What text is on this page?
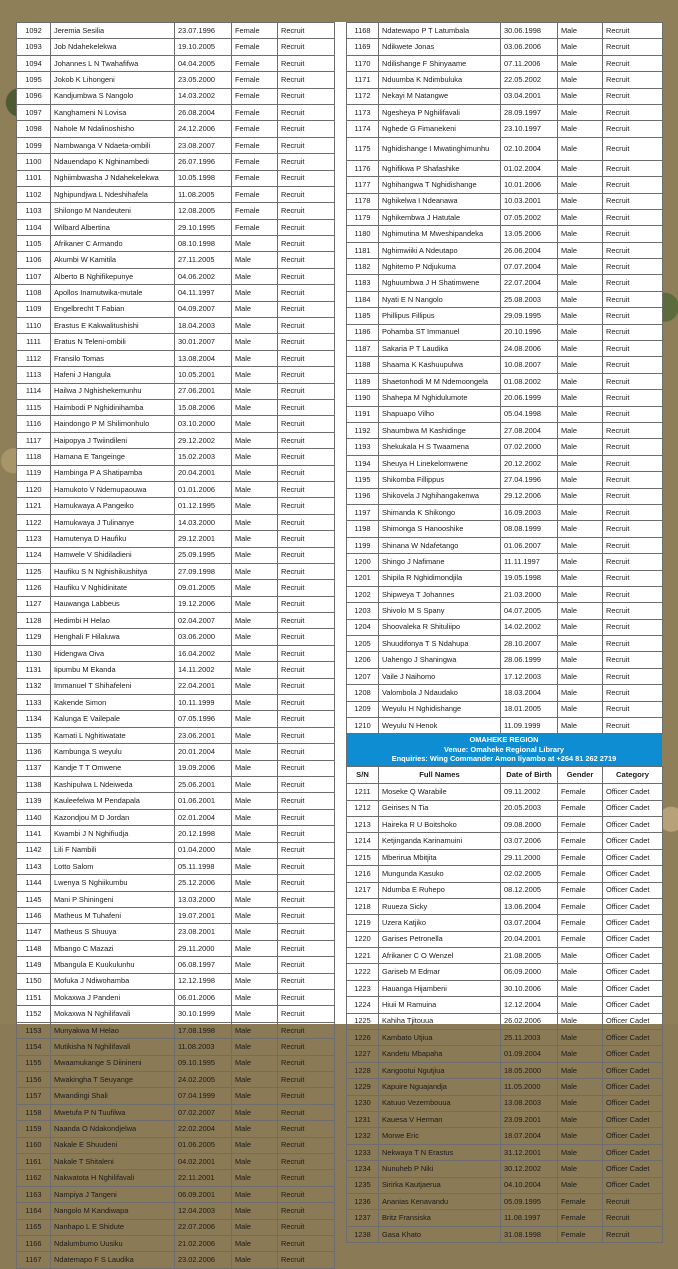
1092	Jeremia Sesilia	23.07.1996	Female	Recruit
1093	Job Ndahekelekwa	19.10.2005	Female	Recruit
1094	Johannes L N Twahafifwa	04.04.2005	Female	Recruit
1095	Jokob K Lihongeni	23.05.2000	Female	Recruit
1096	Kandjumbwa S Nangolo	14.03.2002	Female	Recruit
1097	Kanghameni N Lovisa	26.08.2004	Female	Recruit
1098	Nahole M Ndalinoshisho	24.12.2006	Female	Recruit
1099	Nambwanga V Ndaeta-ombili	23.08.2007	Female	Recruit
1100	Ndauendapo K Nghinambedi	26.07.1996	Female	Recruit
1101	Nghiimbwasha J Ndahekelekwa	10.05.1998	Female	Recruit
1102	Nghipundjwa L Ndeshihafela	11.08.2005	Female	Recruit
1103	Shilongo M Nandeuteni	12.08.2005	Female	Recruit
1104	Wilbard Albertina	29.10.1995	Female	Recruit
1105	Afrikaner C Armando	08.10.1998	Male	Recruit
1106	Akumbi W Kamitila	27.11.2005	Male	Recruit
1107	Alberto B Nghifikepunye	04.06.2002	Male	Recruit
1108	Apollos Inamutwika-mutale	04.11.1997	Male	Recruit
1109	Engelbrecht T Fabian	04.09.2007	Male	Recruit
1110	Erastus E Kakwalitushishi	18.04.2003	Male	Recruit
1111	Eratus N Teleni-ombili	30.01.2007	Male	Recruit
1112	Fransilo Tomas	13.08.2004	Male	Recruit
1113	Hafeni J Hangula	10.05.2001	Male	Recruit
1114	Hailwa J Nghishekemunhu	27.06.2001	Male	Recruit
1115	Haimbodi P Nghidinihamba	15.08.2006	Male	Recruit
1116	Haindongo P M Shilimonhulo	03.10.2000	Male	Recruit
1117	Haipopya J Twiindileni	29.12.2002	Male	Recruit
1118	Hamana E Tangeinge	15.02.2003	Male	Recruit
1119	Hambinga P A Shatipamba	20.04.2001	Male	Recruit
1120	Hamukoto V Ndemupaouwa	01.01.2006	Male	Recruit
1121	Hamukwaya A Pangeiko	01.12.1995	Male	Recruit
1122	Hamukwaya J Tulinanye	14.03.2000	Male	Recruit
1123	Hamutenya D Haufiku	29.12.2001	Male	Recruit
1124	Hamwele V Shidiladieni	25.09.1995	Male	Recruit
1125	Haufiku S N Nghishikushitya	27.09.1998	Male	Recruit
1126	Haufiku V Nghidinitate	09.01.2005	Male	Recruit
1127	Hauwanga Labbeus	19.12.2006	Male	Recruit
1128	Hedimbi H Helao	02.04.2007	Male	Recruit
1129	Henghali F Hilaluwa	03.06.2000	Male	Recruit
1130	Hidengwa Oiva	16.04.2002	Male	Recruit
1131	Iipumbu M Ekanda	14.11.2002	Male	Recruit
1132	Immanuel T Shihafeleni	22.04.2001	Male	Recruit
1133	Kakende Simon	10.11.1999	Male	Recruit
1134	Kalunga E Vailepale	07.05.1996	Male	Recruit
1135	Kamati L Nghitiwatate	23.06.2001	Male	Recruit
1136	Kambunga S weyulu	20.01.2004	Male	Recruit
1137	Kandje T T Omwene	19.09.2006	Male	Recruit
1138	Kashipulwa L Ndeiweda	25.06.2001	Male	Recruit
1139	Kauleefelwa M Pendapala	01.06.2001	Male	Recruit
1140	Kazondjou M D Jordan	02.01.2004	Male	Recruit
1141	Kwambi J N Nghifiudja	20.12.1998	Male	Recruit
1142	Lili F Nambili	01.04.2000	Male	Recruit
1143	Lotto Salom	05.11.1998	Male	Recruit
1144	Lwenya S Nghiikumbu	25.12.2006	Male	Recruit
1145	Mani P Shiningeni	13.03.2000	Male	Recruit
1146	Matheus M Tuhafeni	19.07.2001	Male	Recruit
1147	Matheus S Shuuya	23.08.2001	Male	Recruit
1148	Mbango C Mazazi	29.11.2000	Male	Recruit
1149	Mbangula E Kuukulunhu	06.08.1997	Male	Recruit
1150	Mofuka J Ndiwohamba	12.12.1998	Male	Recruit
1151	Mokaxwa J Pandeni	06.01.2006	Male	Recruit
1152	Mokaxwa N Nghilifavali	30.10.1999	Male	Recruit
1153	Munyakwa M Helao	17.08.1998	Male	Recruit
1154	Mutikisha N Nghilifavali	11.08.2003	Male	Recruit
1155	Mwaamukange S Diinineni	09.10.1995	Male	Recruit
1156	Mwakingha T Seuyange	24.02.2005	Male	Recruit
1157	Mwandingi Shali	07.04.1999	Male	Recruit
1158	Mwetufa P N Tuufilwa	07.02.2007	Male	Recruit
1159	Naanda O Ndakondjelwa	22.02.2004	Male	Recruit
1160	Nakale E Shuudeni	01.06.2005	Male	Recruit
1161	Nakale T Shitaleni	04.02.2001	Male	Recruit
1162	Nakwatota H Nghilifavali	22.11.2001	Male	Recruit
1163	Nampiya J Tangeni	06.09.2001	Male	Recruit
1164	Nangolo M Kandiwapa	12.04.2003	Male	Recruit
1165	Nanhapo L E Shidute	22.07.2006	Male	Recruit
1166	Ndalumbumo Uusiku	21.02.2006	Male	Recruit
1167	Ndatemapo F S Laudika	23.02.2006	Male	Recruit
1168	Ndatewapo P T Latumbala	30.06.1998	Male	Recruit
1169	Ndikwete Jonas	03.06.2006	Male	Recruit
1170	Ndilishange F Shinyaame	07.11.2006	Male	Recruit
1171	Nduumba K Ndimbuluka	22.05.2002	Male	Recruit
1172	Nekayi M Natangwe	03.04.2001	Male	Recruit
1173	Ngesheya P Nghilifavali	28.09.1997	Male	Recruit
1174	Nghede G Fimanekeni	23.10.1997	Male	Recruit
1175	Nghidishange I Mwatinghimunhu	02.10.2004	Male	Recruit
1176	Nghifikwa P Shafashike	01.02.2004	Male	Recruit
1177	Nghihangwa T Nghidishange	10.01.2006	Male	Recruit
1178	Nghikelwa I Ndeanawa	10.03.2001	Male	Recruit
1179	Nghikembwa J Hatutale	07.05.2002	Male	Recruit
1180	Nghimutina M Mweshipandeka	13.05.2006	Male	Recruit
1181	Nghimwiiki A Ndeutapo	26.06.2004	Male	Recruit
1182	Nghitemo P Ndjukuma	07.07.2004	Male	Recruit
1183	Nghuumbwa J H Shatimwene	22.07.2004	Male	Recruit
1184	Nyati E N Nangolo	25.08.2003	Male	Recruit
1185	Phillipus Fillipus	29.09.1995	Male	Recruit
1186	Pohamba ST Immanuel	20.10.1996	Male	Recruit
1187	Sakaria P T Laudika	24.08.2006	Male	Recruit
1188	Shaama K Kashuupulwa	10.08.2007	Male	Recruit
1189	Shaetonhodi M M Ndemoongela	01.08.2002	Male	Recruit
1190	Shahepa M Nghidulumote	20.06.1999	Male	Recruit
1191	Shapuapo Vilho	05.04.1998	Male	Recruit
1192	Shaumbwa M Kashidinge	27.08.2004	Male	Recruit
1193	Shekukala H S Twaamena	07.02.2000	Male	Recruit
1194	Sheuya H Linekelomwene	20.12.2002	Male	Recruit
1195	Shikomba Fillippus	27.04.1996	Male	Recruit
1196	Shikovela J Nghihangakenwa	29.12.2006	Male	Recruit
1197	Shimanda K Shikongo	16.09.2003	Male	Recruit
1198	Shimonga S Hanooshike	08.08.1999	Male	Recruit
1199	Shinana W Ndafetango	01.06.2007	Male	Recruit
1200	Shingo J Nafimane	11.11.1997	Male	Recruit
1201	Shipila R Nghidimondjila	19.05.1998	Male	Recruit
1202	Shipweya T Johannes	21.03.2000	Male	Recruit
1203	Shivolo M S Spany	04.07.2005	Male	Recruit
1204	Shoovaleka R Shituliipo	14.02.2002	Male	Recruit
1205	Shuudifonya T S Ndahupa	28.10.2007	Male	Recruit
1206	Uahengo J Shaningwa	28.06.1999	Male	Recruit
1207	Vaile J Naihomo	17.12.2003	Male	Recruit
1208	Valombola J Ndaudako	18.03.2004	Male	Recruit
1209	Weyulu H Nghidishange	18.01.2005	Male	Recruit
1210	Weyulu N Henok	11.09.1999	Male	Recruit
OMAHEKE REGION
Venue: Omaheke Regional Library
Enquiries: Wing Commander Amon Iiyambo at +264 81 262 2719
S/N	Full Names	Date of Birth	Gender	Category
1211	Moseke Q Warabile	09.11.2002	Female	Officer Cadet
1212	Geirises N Tia	20.05.2003	Female	Officer Cadet
1213	Haireka R U Boitshoko	09.08.2000	Female	Officer Cadet
1214	Ketjinganda Karinamuini	03.07.2006	Female	Officer Cadet
1215	Mberirua Mbitjita	29.11.2000	Female	Officer Cadet
1216	Mungunda Kasuko	02.02.2005	Female	Officer Cadet
1217	Ndumba E Ruhepo	08.12.2005	Female	Officer Cadet
1218	Ruueza Sicky	13.06.2004	Female	Officer Cadet
1219	Uzera Katjiko	03.07.2004	Female	Officer Cadet
1220	Garises Petronella	20.04.2001	Female	Officer Cadet
1221	Afrikaner C O Wenzel	21.08.2005	Male	Officer Cadet
1222	Gariseb M Edmar	06.09.2000	Male	Officer Cadet
1223	Hauanga Hijambeni	30.10.2006	Male	Officer Cadet
1224	Hiuii M Ramuina	12.12.2004	Male	Officer Cadet
1225	Kahiha Tjitouua	26.02.2006	Male	Officer Cadet
1226	Kambato Utjiua	25.11.2003	Male	Officer Cadet
1227	Kandetu Mbapaha	01.09.2004	Male	Officer Cadet
1228	Kangootui Ngutjiua	18.05.2000	Male	Officer Cadet
1229	Kapuire Nguajandja	11.05.2000	Male	Officer Cadet
1230	Katuuo Vezembouua	13.08.2003	Male	Officer Cadet
1231	Kauesa V Herman	23.09.2001	Male	Officer Cadet
1232	Morwe Eric	18.07.2004	Male	Officer Cadet
1233	Nekwaya T N Erastus	31.12.2001	Male	Officer Cadet
1234	Nunuheb P Niki	30.12.2002	Male	Officer Cadet
1235	Sirirka Kautjaerua	04.10.2004	Male	Officer Cadet
1236	Ananias Kenavandu	05.09.1995	Female	Recruit
1237	Britz Fransiska	11.08.1997	Female	Recruit
1238	Gasa Khato	31.08.1998	Female	Recruit
